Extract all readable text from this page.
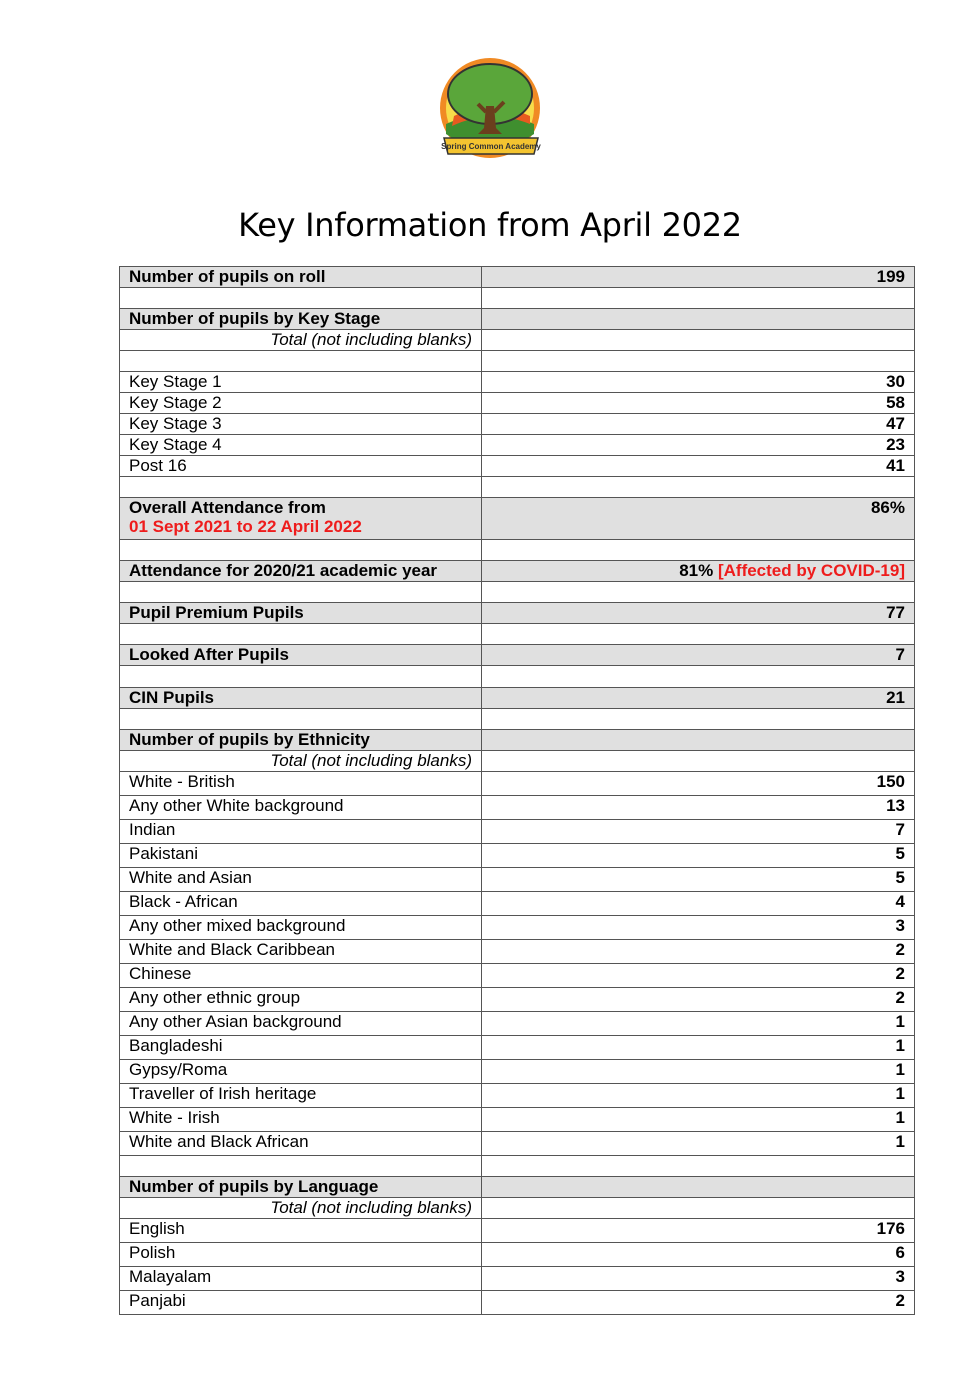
Spring Common Academy
Key Information from April 2022
Number of pupils on roll	199

Number of pupils by Key Stage	
Total (not including blanks)	

Key Stage 1	30
Key Stage 2	58
Key Stage 3	47
Key Stage 4	23
Post 16	41

Overall Attendance from
01 Sept 2021 to 22 April 2022	86%

Attendance for 2020/21 academic year	81% [Affected by COVID-19]

Pupil Premium Pupils	77

Looked After Pupils	7

CIN Pupils	21

Number of pupils by Ethnicity	
Total (not including blanks)	
White - British	150
Any other White background	13
Indian	7
Pakistani	5
White and Asian	5
Black - African	4
Any other mixed background	3
White and Black Caribbean	2
Chinese	2
Any other ethnic group	2
Any other Asian background	1
Bangladeshi	1
Gypsy/Roma	1
Traveller of Irish heritage	1
White - Irish	1
White and Black African	1

Number of pupils by Language	
Total (not including blanks)	
English	176
Polish	6
Malayalam	3
Panjabi	2
